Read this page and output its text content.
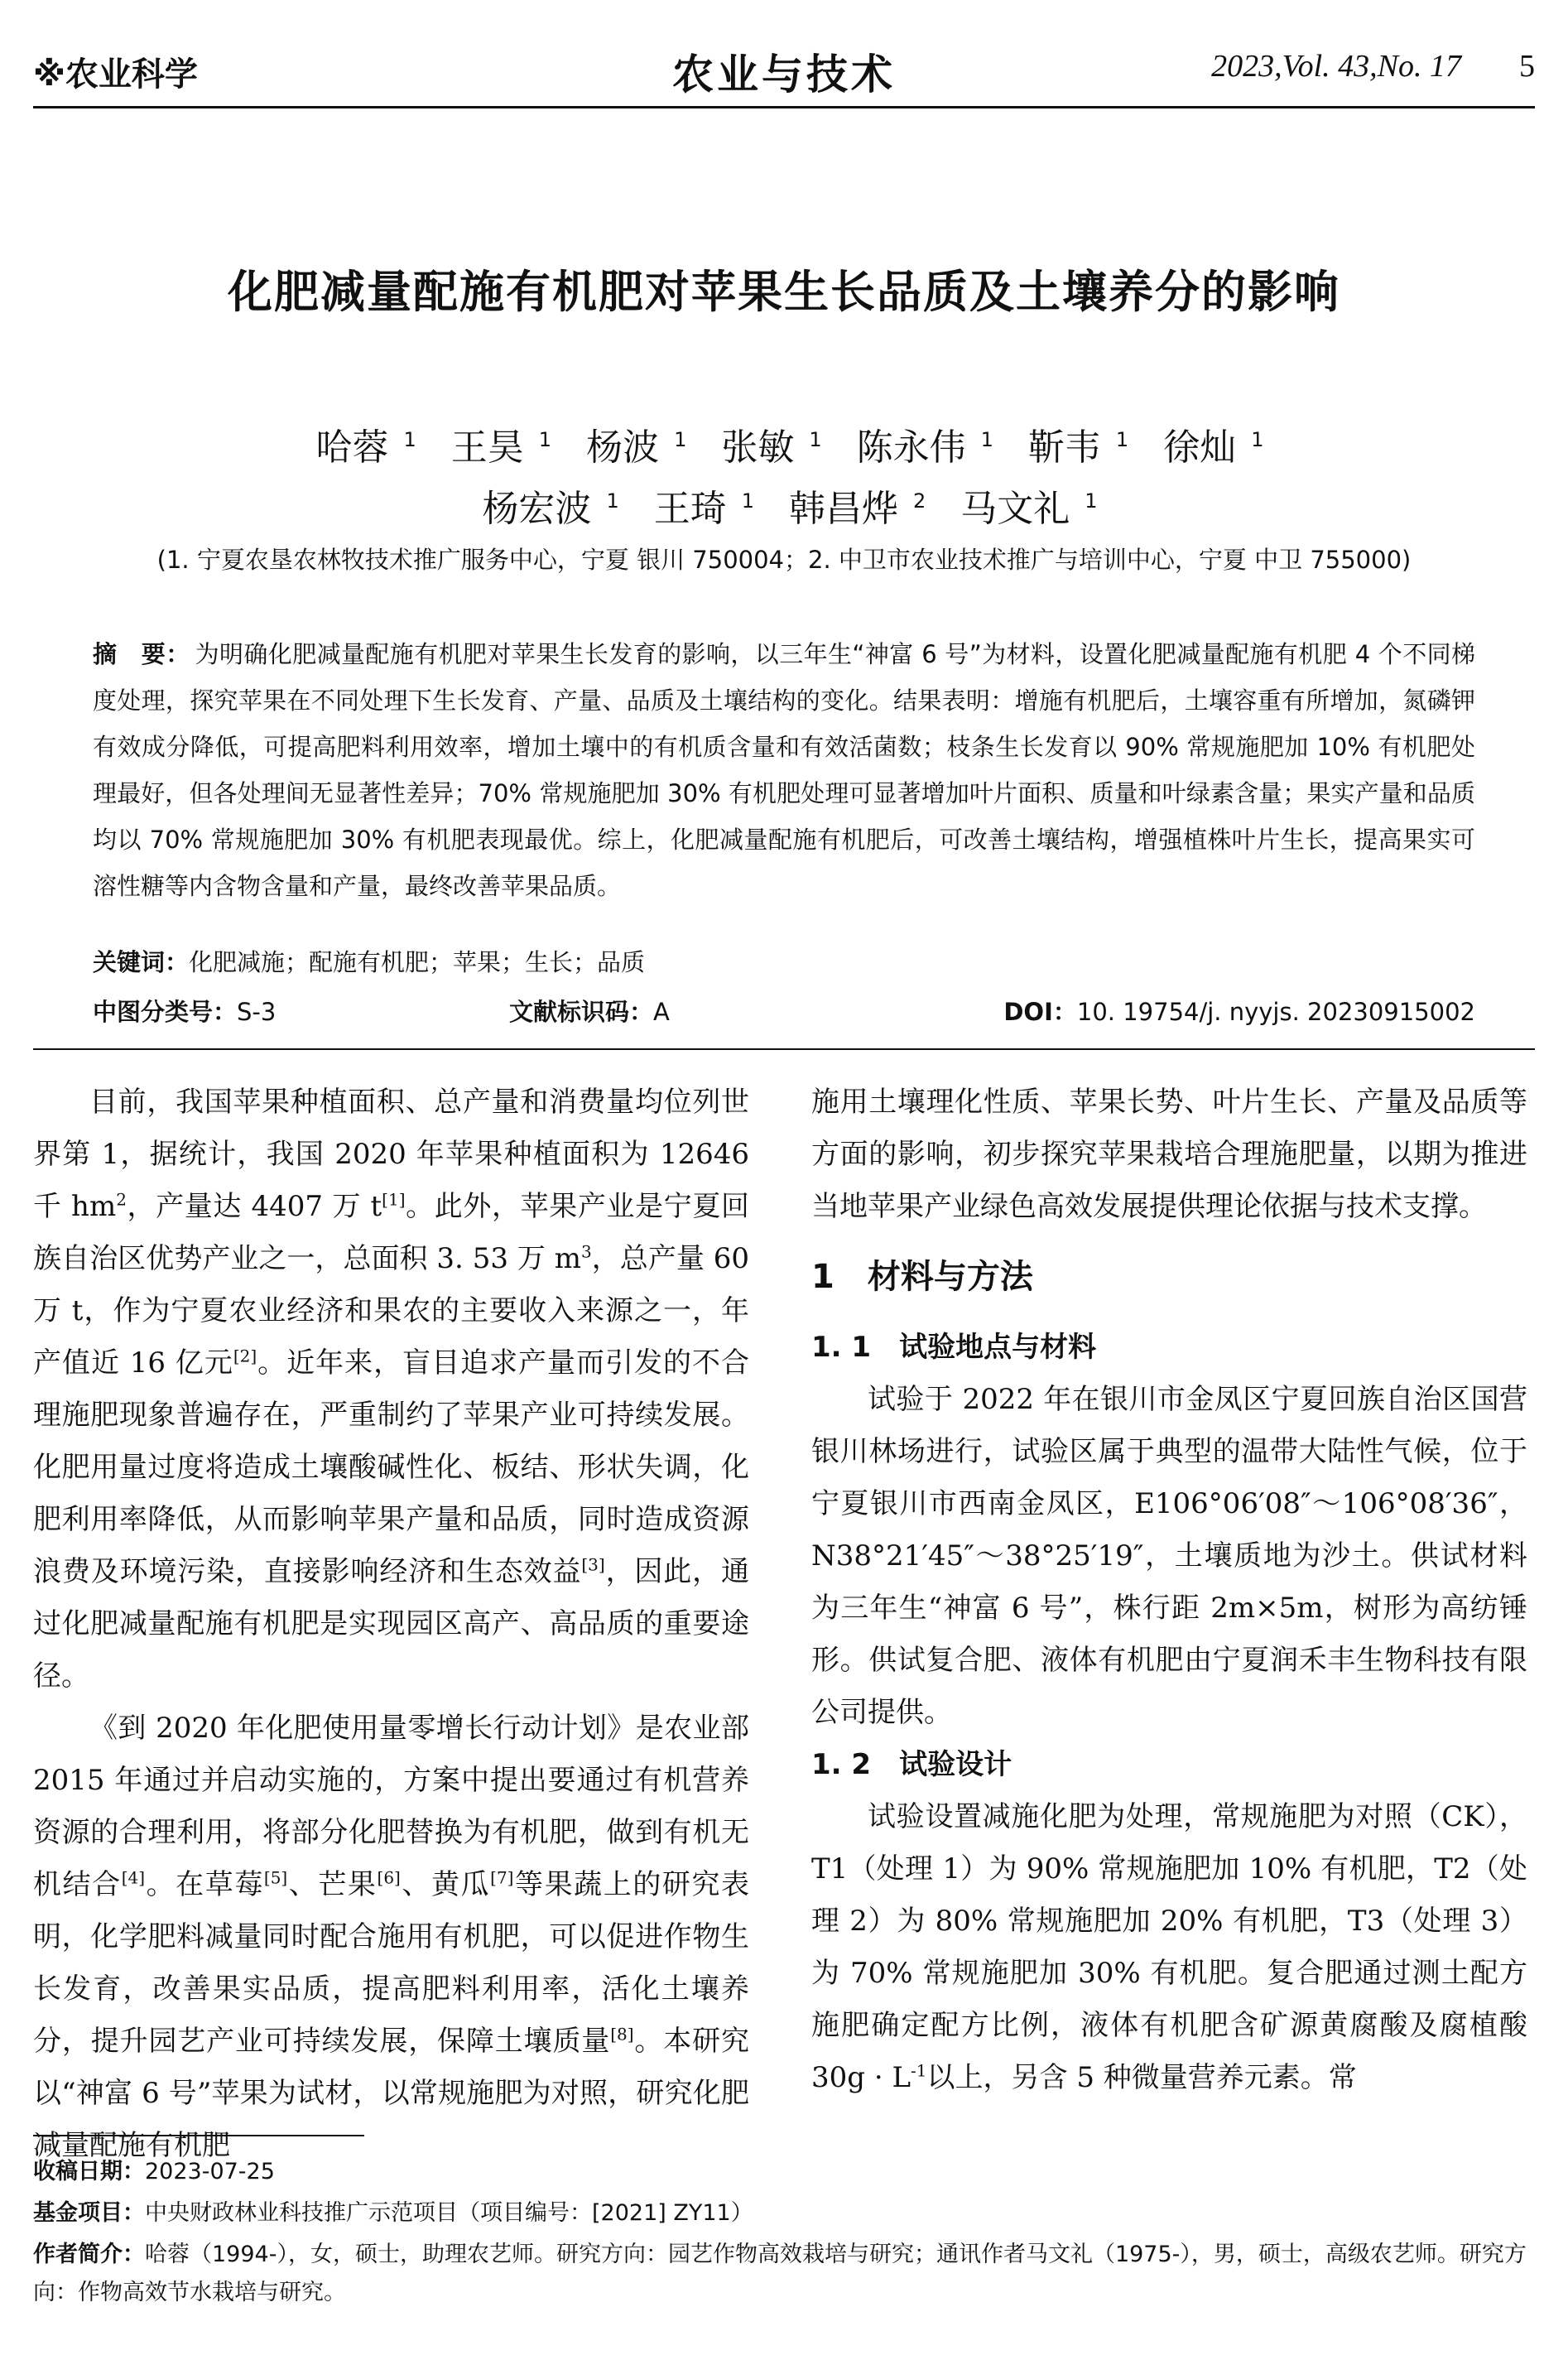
※农业科学	农业与技术	2023,Vol. 43,No. 17 5
化肥减量配施有机肥对苹果生长品质及土壤养分的影响
哈蓉 $^1$ 王昊 $^1$ 杨波 $^1$ 张敏 $^1$ 陈永伟 $^1$ 靳韦 $^1$ 徐灿 $^1$
杨宏波 $^1$ 王琦 $^1$ 韩昌烨 $^2$ 马文礼 $^1$
(1. 宁夏农垦农林牧技术推广服务中心，宁夏 银川 750004；2. 中卫市农业技术推广与培训中心，宁夏 中卫 755000)
摘　要： 为明确化肥减量配施有机肥对苹果生长发育的影响，以三年生“神富 6 号”为材料，设置化肥减量配施有机肥 4 个不同梯度处理，探究苹果在不同处理下生长发育、产量、品质及土壤结构的变化。结果表明：增施有机肥后，土壤容重有所增加，氮磷钾有效成分降低，可提高肥料利用效率，增加土壤中的有机质含量和有效活菌数；枝条生长发育以 90% 常规施肥加 10% 有机肥处理最好，但各处理间无显著性差异；70% 常规施肥加 30% 有机肥处理可显著增加叶片面积、质量和叶绿素含量；果实产量和品质均以 70% 常规施肥加 30% 有机肥表现最优。综上，化肥减量配施有机肥后，可改善土壤结构，增强植株叶片生长，提高果实可溶性糖等内含物含量和产量，最终改善苹果品质。
关键词：化肥减施；配施有机肥；苹果；生长；品质
中图分类号：S-3	文献标识码：A	DOI：10. 19754/j. nyyjs. 20230915002

目前，我国苹果种植面积、总产量和消费量均位列世界第 1，据统计，我国 2020 年苹果种植面积为 12646 千 $hm^2$，产量达 4407 万 t[1]。此外，苹果产业是宁夏回族自治区优势产业之一，总面积 3. 53 万 $m^3$，总产量 60 万 t，作为宁夏农业经济和果农的主要收入来源之一，年产值近 16 亿元[2]。近年来，盲目追求产量而引发的不合理施肥现象普遍存在，严重制约了苹果产业可持续发展。化肥用量过度将造成土壤酸碱性化、板结、形状失调，化肥利用率降低，从而影响苹果产量和品质，同时造成资源浪费及环境污染，直接影响经济和生态效益[3]，因此，通过化肥减量配施有机肥是实现园区高产、高品质的重要途径。

《到 2020 年化肥使用量零增长行动计划》是农业部 2015 年通过并启动实施的，方案中提出要通过有机营养资源的合理利用，将部分化肥替换为有机肥，做到有机无机结合[4]。在草莓[5]、芒果[6]、黄瓜[7]等果蔬上的研究表明，化学肥料减量同时配合施用有机肥，可以促进作物生长发育，改善果实品质，提高肥料利用率，活化土壤养分，提升园艺产业可持续发展，保障土壤质量[8]。本研究以“神富 6 号”苹果为试材，以常规施肥为对照，研究化肥减量配施有机肥

施用土壤理化性质、苹果长势、叶片生长、产量及品质等方面的影响，初步探究苹果栽培合理施肥量，以期为推进当地苹果产业绿色高效发展提供理论依据与技术支撑。

1　材料与方法
1. 1　试验地点与材料

试验于 2022 年在银川市金凤区宁夏回族自治区国营银川林场进行，试验区属于典型的温带大陆性气候，位于宁夏银川市西南金凤区，E106°06′08″～106°08′36″，N38°21′45″～38°25′19″，土壤质地为沙土。供试材料为三年生“神富 6 号”，株行距 2m×5m，树形为高纺锤形。供试复合肥、液体有机肥由宁夏润禾丰生物科技有限公司提供。

1. 2　试验设计

试验设置减施化肥为处理，常规施肥为对照（CK），T1（处理 1）为 90% 常规施肥加 10% 有机肥，T2（处理 2）为 80% 常规施肥加 20% 有机肥，T3（处理 3）为 70% 常规施肥加 30% 有机肥。复合肥通过测土配方施肥确定配方比例，液体有机肥含矿源黄腐酸及腐植酸 $30g \cdot L^{-1}$以上，另含 5 种微量营养元素。常

收稿日期：2023-07-25
基金项目：中央财政林业科技推广示范项目（项目编号：[2021] ZY11）
作者简介：哈蓉（1994-），女，硕士，助理农艺师。研究方向：园艺作物高效栽培与研究；通讯作者马文礼（1975-），男，硕士，高级农艺师。研究方向：作物高效节水栽培与研究。
